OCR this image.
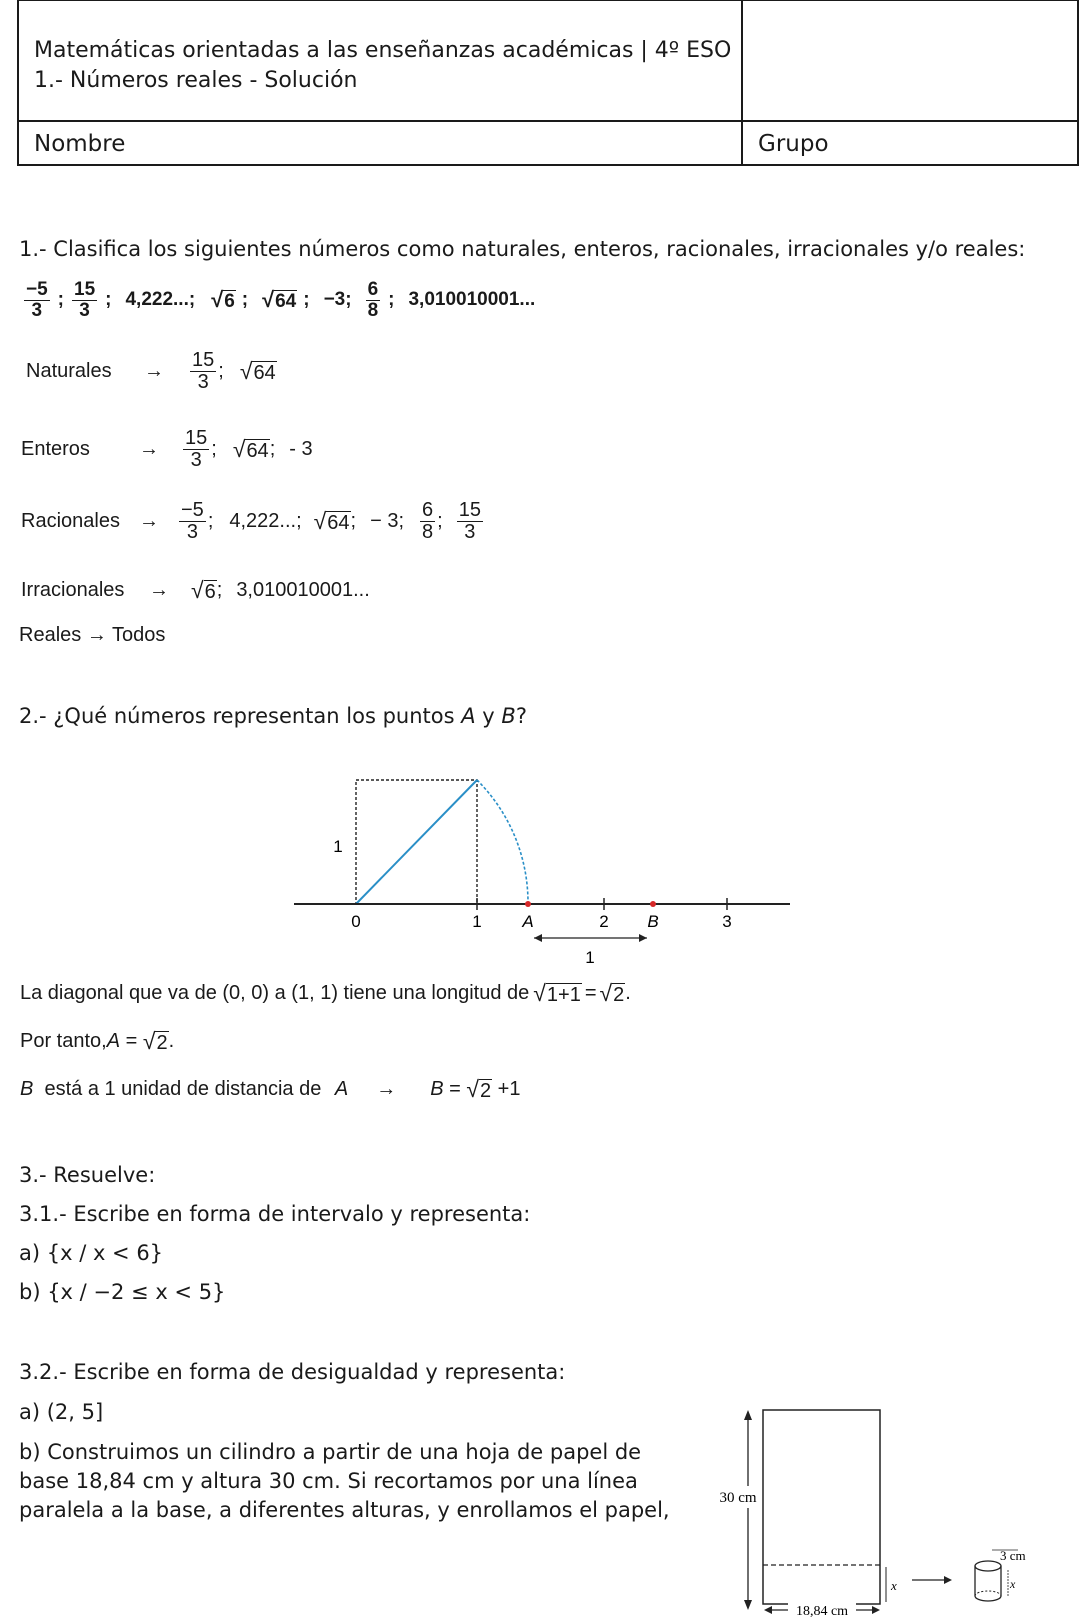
Matemáticas orientadas a las enseñanzas académicas | 4º ESO
1.- Números reales - Solución
Nombre	Grupo
1.- Clasifica los siguientes números como naturales, enteros, racionales, irracionales y/o reales:
$\frac{-5}{3}$ ; $\frac{15}{3}$ ; 4,222...; √6 ; √64 ; −3; $\frac{6}{8}$ ; 3,010010001...
Naturales	→	$\frac{15}{3}$ ; √64
Enteros	→	$\frac{15}{3}$ ; √64 ; - 3
Racionales →	$\frac{-5}{3}$ ; 4,222...; √64 ; − 3; $\frac{6}{8}$ ; $\frac{15}{3}$
Irracionales	→ √6 ; 3,010010001...
Reales → Todos
2.- ¿Qué números representan los puntos A y B?
1
0	1 A	2 B	3
1
La diagonal que va de (0, 0) a (1, 1) tiene una longitud de √1+1 = √2 .
Por tanto, A = √2 .
B está a 1 unidad de distancia de A → B = √2 +1
3.- Resuelve:
3.1.- Escribe en forma de intervalo y representa:
a) {x / x < 6}
b) {x / −2 ≤ x < 5}
3.2.- Escribe en forma de desigualdad y representa:
a) (2, 5]
b) Construimos un cilindro a partir de una hoja de papel de
base 18,84 cm y altura 30 cm. Si recortamos por una línea
paralela a la base, a diferentes alturas, y enrollamos el papel,	30 cm
x
18,84 cm
3 cm
x
